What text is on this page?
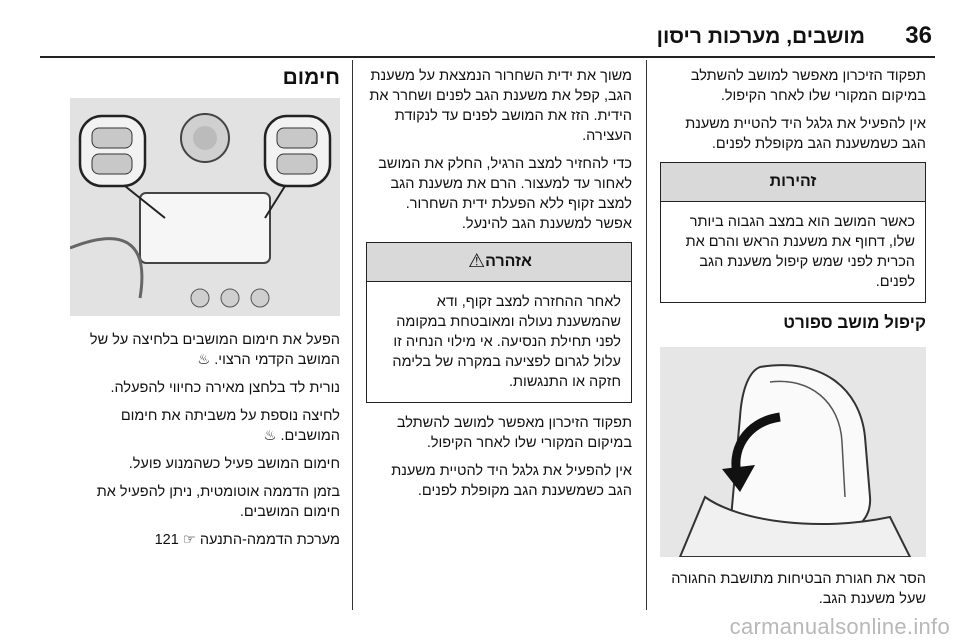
36
מושבים, מערכות ריסון

תפקוד הזיכרון מאפשר למושב להשתלב במיקום המקורי שלו לאחר הקיפול.

אין להפעיל את גלגל היד להטיית משענת הגב כשמשענת הגב מקופלת לפנים.

זהירות

כאשר המושב הוא במצב הגבוה ביותר שלו, דחוף את משענת הראש והרם את הכרית לפני שמש קיפול משענת הגב לפנים.

קיפול מושב ספורט

הסר את חגורת הבטיחות מתושבת החגורה שעל משענת הגב.

משוך את ידית השחרור הנמצאת על משענת הגב, קפל את משענת הגב לפנים ושחרר את הידית. הזז את המושב לפנים עד לנקודת העצירה.

כדי להחזיר למצב הרגיל, החלק את המושב לאחור עד למעצור. הרם את משענת הגב למצב זקוף ללא הפעלת ידית השחרור. אפשר למשענת הגב להינעל.

אזהרה
⚠

לאחר ההחזרה למצב זקוף, ודא שהמשענת נעולה ומאובטחת במקומה לפני תחילת הנסיעה. אי מילוי הנחיה זו עלול לגרום לפציעה במקרה של בלימה חזקה או התנגשות.

תפקוד הזיכרון מאפשר למושב להשתלב במיקום המקורי שלו לאחר הקיפול.

אין להפעיל את גלגל היד להטיית משענת הגב כשמשענת הגב מקופלת לפנים.

חימום

הפעל את חימום המושבים בלחיצה על של המושב הקדמי הרצוי. ♨

נורית לד בלחצן מאירה כחיווי להפעלה.

לחיצה נוספת על משביתה את חימום המושבים. ♨

חימום המושב פעיל כשהמנוע פועל.

בזמן הדממה אוטומטית, ניתן להפעיל את חימום המושבים.

מערכת הדממה-התנעה ☞ 121

carmanualsonline.info
